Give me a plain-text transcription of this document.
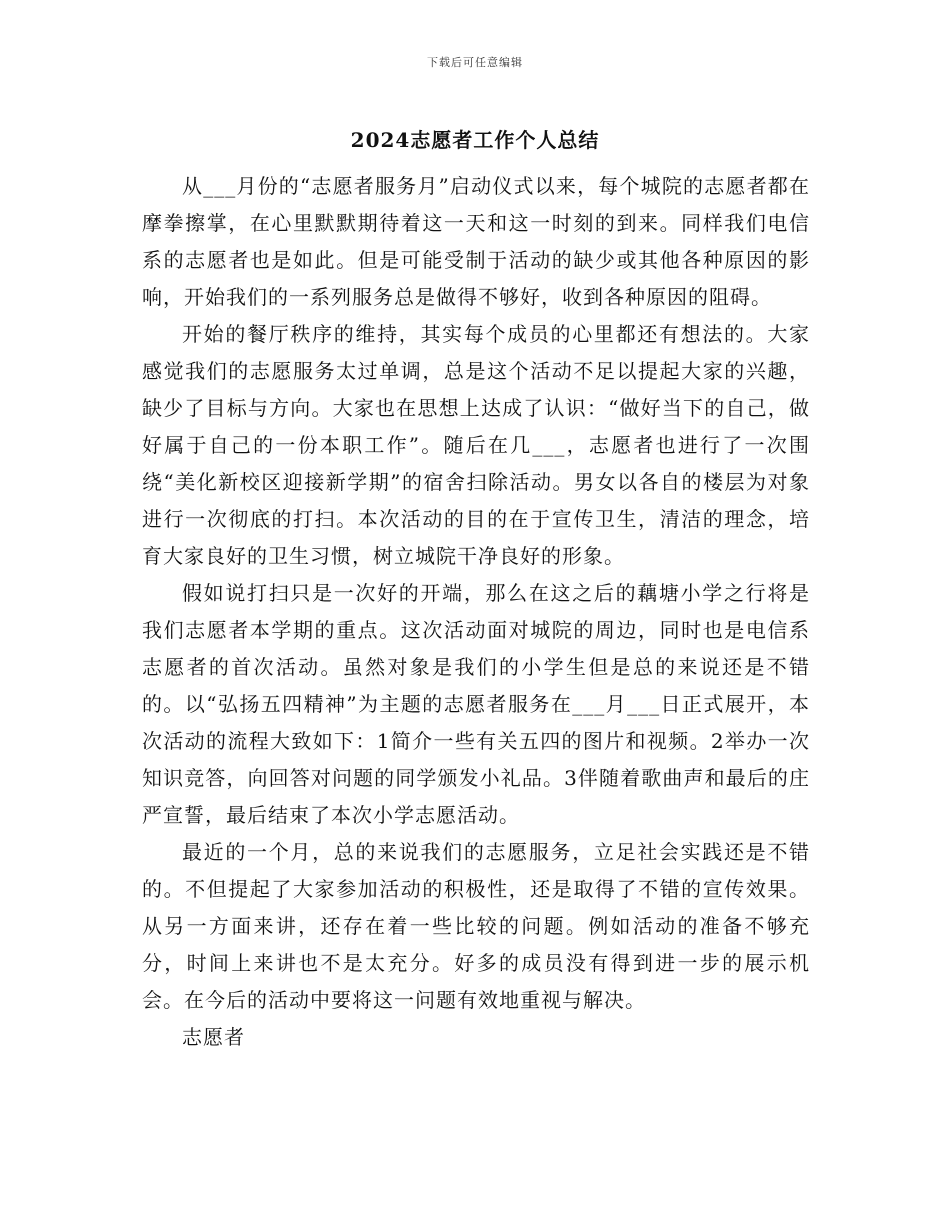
下载后可任意编辑
2024志愿者工作个人总结

从___月份的“志愿者服务月”启动仪式以来，每个城院的志愿者都在摩拳擦掌，在心里默默期待着这一天和这一时刻的到来。同样我们电信系的志愿者也是如此。但是可能受制于活动的缺少或其他各种原因的影响，开始我们的一系列服务总是做得不够好，收到各种原因的阻碍。

开始的餐厅秩序的维持，其实每个成员的心里都还有想法的。大家感觉我们的志愿服务太过单调，总是这个活动不足以提起大家的兴趣，缺少了目标与方向。大家也在思想上达成了认识：“做好当下的自己，做好属于自己的一份本职工作”。随后在几___，志愿者也进行了一次围绕“美化新校区迎接新学期”的宿舍扫除活动。男女以各自的楼层为对象进行一次彻底的打扫。本次活动的目的在于宣传卫生，清洁的理念，培育大家良好的卫生习惯，树立城院干净良好的形象。

假如说打扫只是一次好的开端，那么在这之后的藕塘小学之行将是我们志愿者本学期的重点。这次活动面对城院的周边，同时也是电信系志愿者的首次活动。虽然对象是我们的小学生但是总的来说还是不错的。以“弘扬五四精神”为主题的志愿者服务在___月___日正式展开，本次活动的流程大致如下：1简介一些有关五四的图片和视频。2举办一次知识竞答，向回答对问题的同学颁发小礼品。3伴随着歌曲声和最后的庄严宣誓，最后结束了本次小学志愿活动。

最近的一个月，总的来说我们的志愿服务，立足社会实践还是不错的。不但提起了大家参加活动的积极性，还是取得了不错的宣传效果。从另一方面来讲，还存在着一些比较的问题。例如活动的准备不够充分，时间上来讲也不是太充分。好多的成员没有得到进一步的展示机会。在今后的活动中要将这一问题有效地重视与解决。

志愿者
